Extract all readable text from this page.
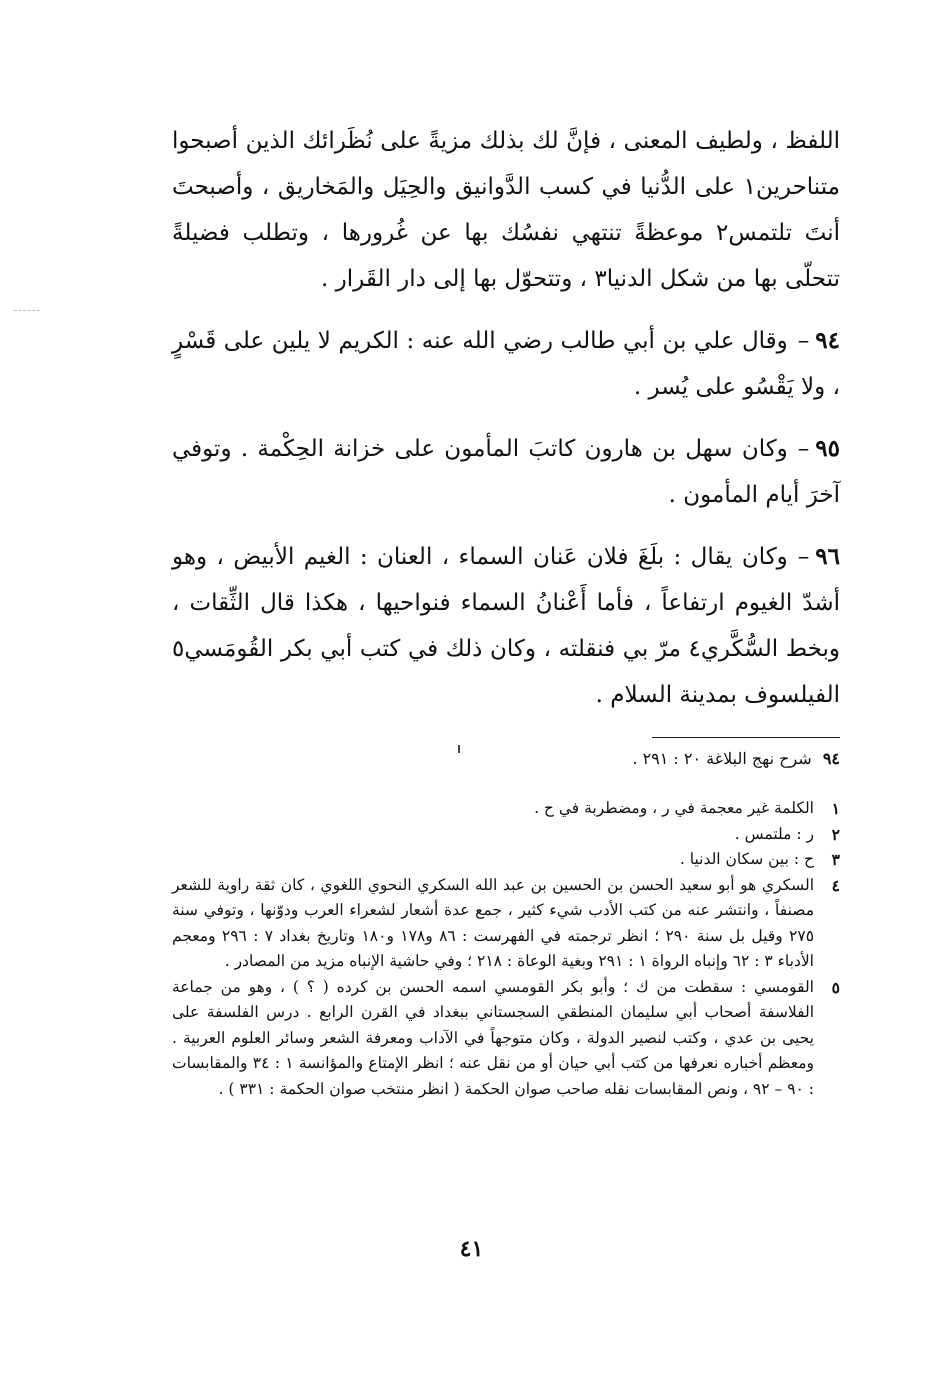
اللفظ ، ولطيف المعنى ، فإنَّ لك بذلك مزيةً على نُظَرائك الذين أصبحوا متناحرين١ على الدُّنيا في كسب الدَّوانيق والحِيَل والمَخاريق ، وأصبحتَ أنتَ تلتمس٢ موعظةً تنتهي نفسُك بها عن غُرورها ، وتطلب فضيلةً تتحلّى بها من شكل الدنيا٣ ، وتتحوّل بها إلى دار القَرار .

٩٤–وقال علي بن أبي طالب رضي الله عنه : الكريم لا يلين على قَسْرٍ ، ولا يَقْسُو على يُسر .

٩٥–وكان سهل بن هارون كاتبَ المأمون على خزانة الحِكْمة . وتوفي آخرَ أيام المأمون .

٩٦–وكان يقال : بلَغَ فلان عَنان السماء ، العنان : الغيم الأبيض ، وهو أشدّ الغيوم ارتفاعاً ، فأما أَعْنانُ السماء فنواحيها ، هكذا قال الثِّقات ، وبخط السُّكَّري٤ مرّ بي فنقلته ، وكان ذلك في كتب أبي بكر القُومَسي٥ الفيلسوف بمدينة السلام .

٩٤ شرح نهج البلاغة ٢٠ : ٢٩١ .
١
الكلمة غير معجمة في ر ، ومضطربة في ح .
٢
ر : ملتمس .
٣
ح : بين سكان الدنيا .
٤
السكري هو أبو سعيد الحسن بن الحسين بن عبد الله السكري النحوي اللغوي ، كان ثقة راوية للشعر مصنفاً ، وانتشر عنه من كتب الأدب شيء كثير ، جمع عدة أشعار لشعراء العرب ودوّنها ، وتوفي سنة ٢٧٥ وقيل بل سنة ٢٩٠ ؛ انظر ترجمته في الفهرست : ٨٦ و١٧٨ و١٨٠ وتاريخ بغداد ٧ : ٢٩٦ ومعجم الأدباء ٣ : ٦٢ وإنباه الرواة ١ : ٢٩١ وبغية الوعاة : ٢١٨ ؛ وفي حاشية الإنباه مزيد من المصادر .
٥
القومسي : سقطت من ك ؛ وأبو بكر القومسي اسمه الحسن بن كرده ( ؟ ) ، وهو من جماعة الفلاسفة أصحاب أبي سليمان المنطقي السجستاني ببغداد في القرن الرابع . درس الفلسفة على يحيى بن عدي ، وكتب لنصير الدولة ، وكان متوجهاً في الآداب ومعرفة الشعر وسائر العلوم العربية . ومعظم أخباره نعرفها من كتب أبي حيان أو من نقل عنه ؛ انظر الإمتاع والمؤانسة ١ : ٣٤ والمقابسات : ٩٠ – ٩٢ ، ونص المقابسات نقله صاحب صوان الحكمة ( انظر منتخب صوان الحكمة : ٣٣١ ) .
٤١
